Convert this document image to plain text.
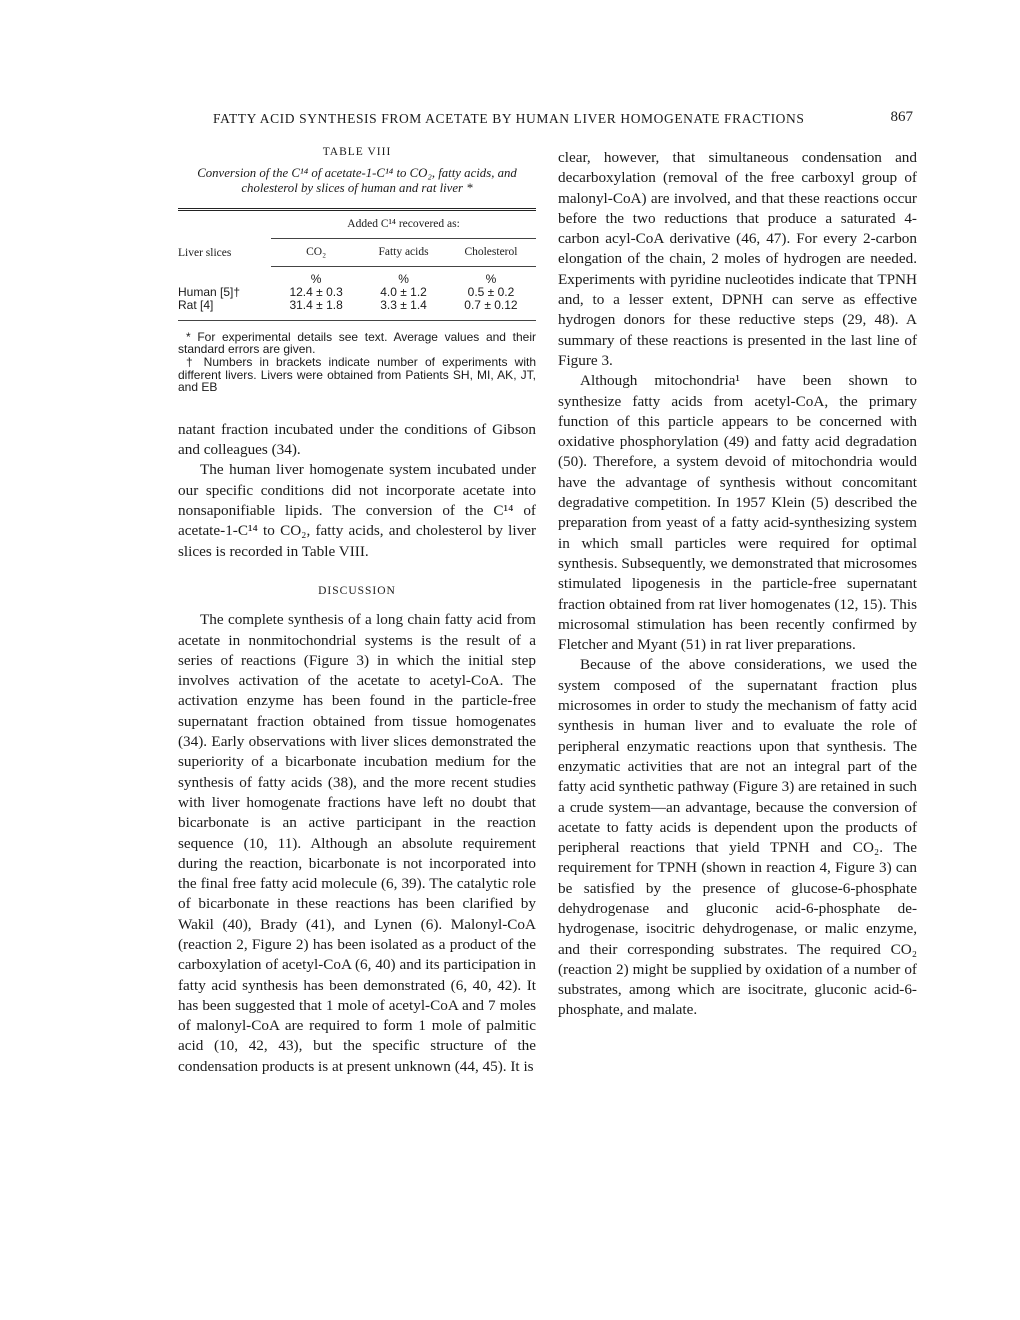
FATTY ACID SYNTHESIS FROM ACETATE BY HUMAN LIVER HOMOGENATE FRACTIONS	867
TABLE VIII
Conversion of the C¹⁴ of acetate-1-C¹⁴ to CO₂, fatty acids, and cholesterol by slices of human and rat liver *

Liver slices	Added C¹⁴ recovered as:		
	CO₂	Fatty acids	Cholesterol
	%	%	%
Human [5]†	12.4 ± 0.3	4.0 ± 1.2	0.5 ± 0.2
Rat [4]	31.4 ± 1.8	3.3 ± 1.4	0.7 ± 0.12

* For experimental details see text. Average values and their standard errors are given.

† Numbers in brackets indicate number of experiments with different livers. Livers were obtained from Patients SH, MI, AK, JT, and EB

natant fraction incubated under the conditions of Gibson and colleagues (34).

The human liver homogenate system incubated under our specific conditions did not incorporate acetate into nonsaponifiable lipids. The conversion of the C¹⁴ of acetate-1-C¹⁴ to CO₂, fatty acids, and cholesterol by liver slices is recorded in Table VIII.

DISCUSSION

The complete synthesis of a long chain fatty acid from acetate in nonmitochondrial systems is the result of a series of reactions (Figure 3) in which the initial step involves activation of the acetate to acetyl-CoA. The activation enzyme has been found in the particle-free supernatant fraction obtained from tissue homogenates (34). Early observations with liver slices demonstrated the superiority of a bicarbonate incubation medium for the synthesis of fatty acids (38), and the more recent studies with liver homogenate fractions have left no doubt that bicarbonate is an active participant in the reaction sequence (10, 11). Although an absolute requirement during the reaction, bicarbonate is not incorporated into the final free fatty acid molecule (6, 39). The catalytic role of bicarbonate in these reactions has been clarified by Wakil (40), Brady (41), and Lynen (6). Malonyl-CoA (reaction 2, Figure 2) has been isolated as a product of the carboxylation of acetyl-CoA (6, 40) and its participation in fatty acid synthesis has been demonstrated (6, 40, 42). It has been suggested that 1 mole of acetyl-CoA and 7 moles of malonyl-CoA are required to form 1 mole of palmitic acid (10, 42, 43), but the specific structure of the condensation products is at present unknown (44, 45). It is

clear, however, that simultaneous condensation and decarboxylation (removal of the free carboxyl group of malonyl-CoA) are involved, and that these reactions occur before the two reductions that produce a saturated 4-carbon acyl-CoA derivative (46, 47). For every 2-carbon elongation of the chain, 2 moles of hydrogen are needed. Experiments with pyridine nucleotides indicate that TPNH and, to a lesser extent, DPNH can serve as effective hydrogen donors for these reductive steps (29, 48). A summary of these reactions is presented in the last line of Figure 3.

Although mitochondria¹ have been shown to synthesize fatty acids from acetyl-CoA, the primary function of this particle appears to be concerned with oxidative phosphorylation (49) and fatty acid degradation (50). Therefore, a system devoid of mitochondria would have the advantage of synthesis without concomitant degradative competition. In 1957 Klein (5) described the preparation from yeast of a fatty acid-synthesizing system in which small particles were required for optimal synthesis. Subsequently, we demonstrated that microsomes stimulated lipogenesis in the particle-free supernatant fraction obtained from rat liver homogenates (12, 15). This microsomal stimulation has been recently confirmed by Fletcher and Myant (51) in rat liver preparations.

Because of the above considerations, we used the system composed of the supernatant fraction plus microsomes in order to study the mechanism of fatty acid synthesis in human liver and to evaluate the role of peripheral enzymatic reactions upon that synthesis. The enzymatic activities that are not an integral part of the fatty acid synthetic pathway (Figure 3) are retained in such a crude system—an advantage, because the conversion of acetate to fatty acids is dependent upon the products of peripheral reactions that yield TPNH and CO₂. The requirement for TPNH (shown in reaction 4, Figure 3) can be satisfied by the presence of glucose-6-phosphate dehydrogenase and gluconic acid-6-phosphate dehydrogenase, isocitric dehydrogenase, or malic enzyme, and their corresponding substrates. The required CO₂ (reaction 2) might be supplied by oxidation of a number of substrates, among which are isocitrate, gluconic acid-6-phosphate, and malate.
